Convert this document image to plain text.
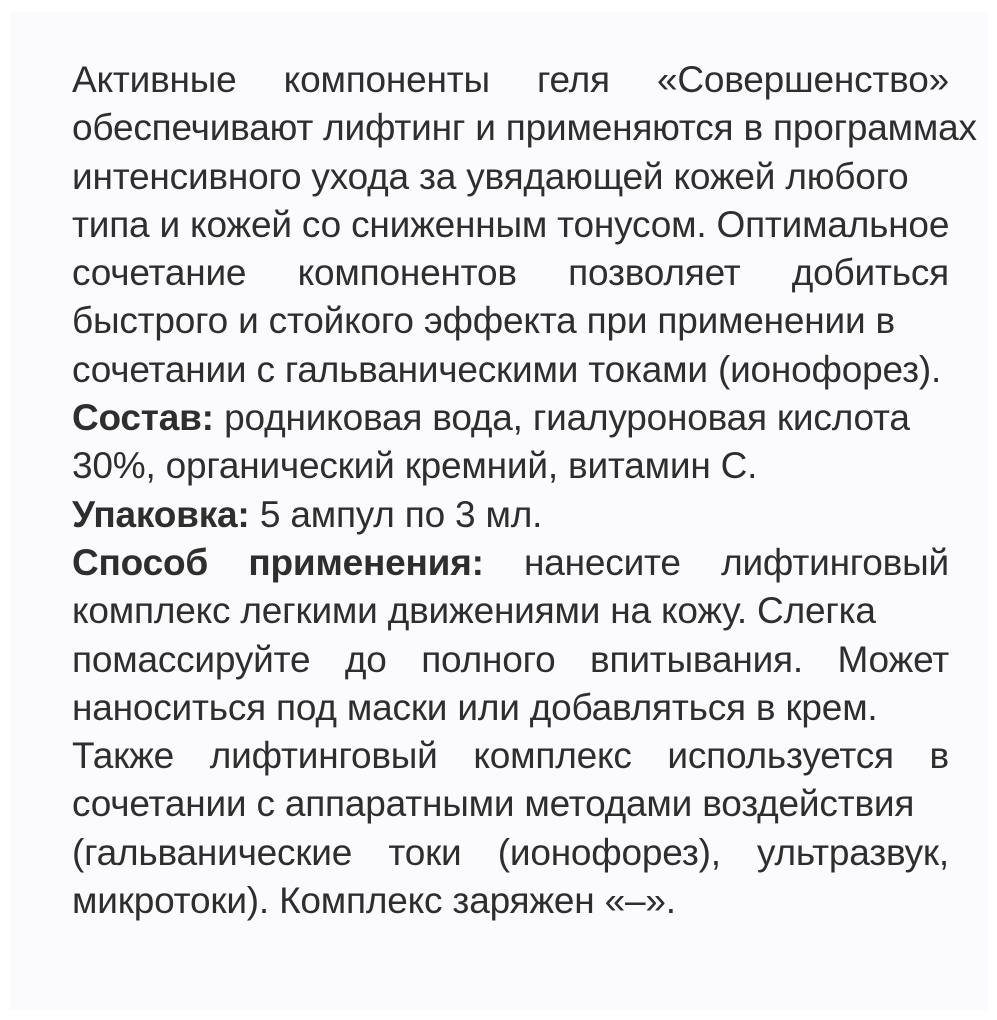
Активные компоненты геля «Совершенство»
обеспечивают лифтинг и применяются в программах
интенсивного ухода за увядающей кожей любого
типа и кожей со сниженным тонусом. Оптимальное
сочетание компонентов позволяет добиться
быстрого и стойкого эффекта при применении в
сочетании с гальваническими токами (ионофорез).
Состав: родниковая вода, гиалуроновая кислота
30%, органический кремний, витамин С.
Упаковка: 5 ампул по 3 мл.
Способ применения: нанесите лифтинговый
комплекс легкими движениями на кожу. Слегка
помассируйте до полного впитывания. Может
наноситься под маски или добавляться в крем.
Также лифтинговый комплекс используется в
сочетании с аппаратными методами воздействия
(гальванические токи (ионофорез), ультразвук,
микротоки). Комплекс заряжен «–».
